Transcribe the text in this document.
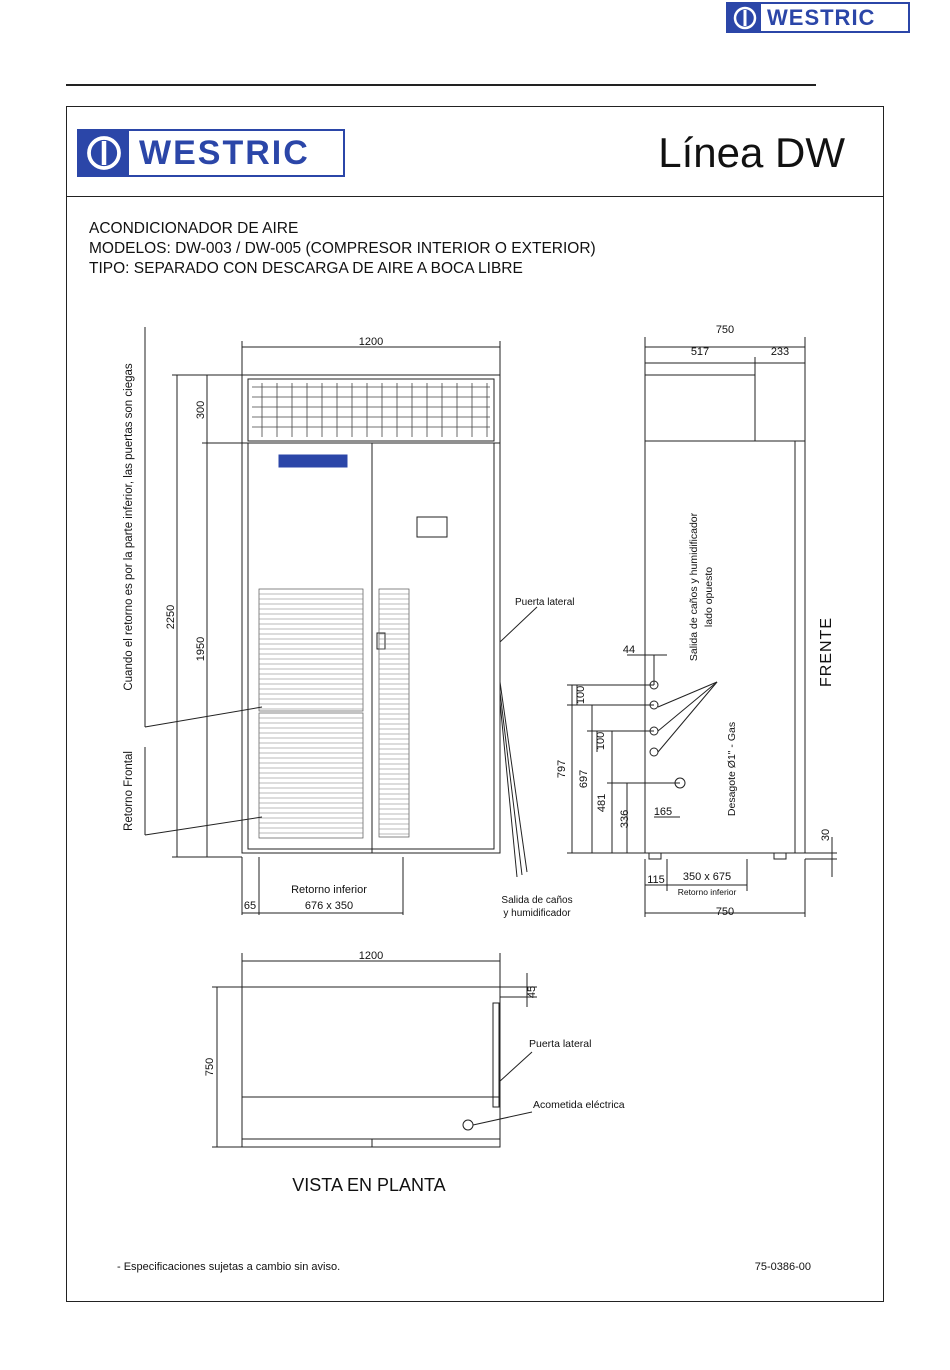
WESTRIC
WESTRIC	Línea DW
ACONDICIONADOR DE AIRE
MODELOS: DW-003 / DW-005 (COMPRESOR INTERIOR O EXTERIOR)
TIPO: SEPARADO CON DESCARGA DE AIRE A BOCA LIBRE
1200
300
2250
1950
Cuando el retorno es por la parte inferior, las puertas son ciegas
Retorno Frontal
Puerta lateral
Retorno inferior
676 x 350
65	Salida de caños
y humidificador
750
517	233
Salida de caños y humidificador lado opuesto
FRENTE
44
100
100
797
697
481
336 165	Desagote Ø1" - Gas
30
115 350 x 675
Retorno inferior
750
1200
750
45
Puerta lateral
Acometida eléctrica
VISTA EN PLANTA
- Especificaciones sujetas a cambio sin aviso.	75-0386-00
